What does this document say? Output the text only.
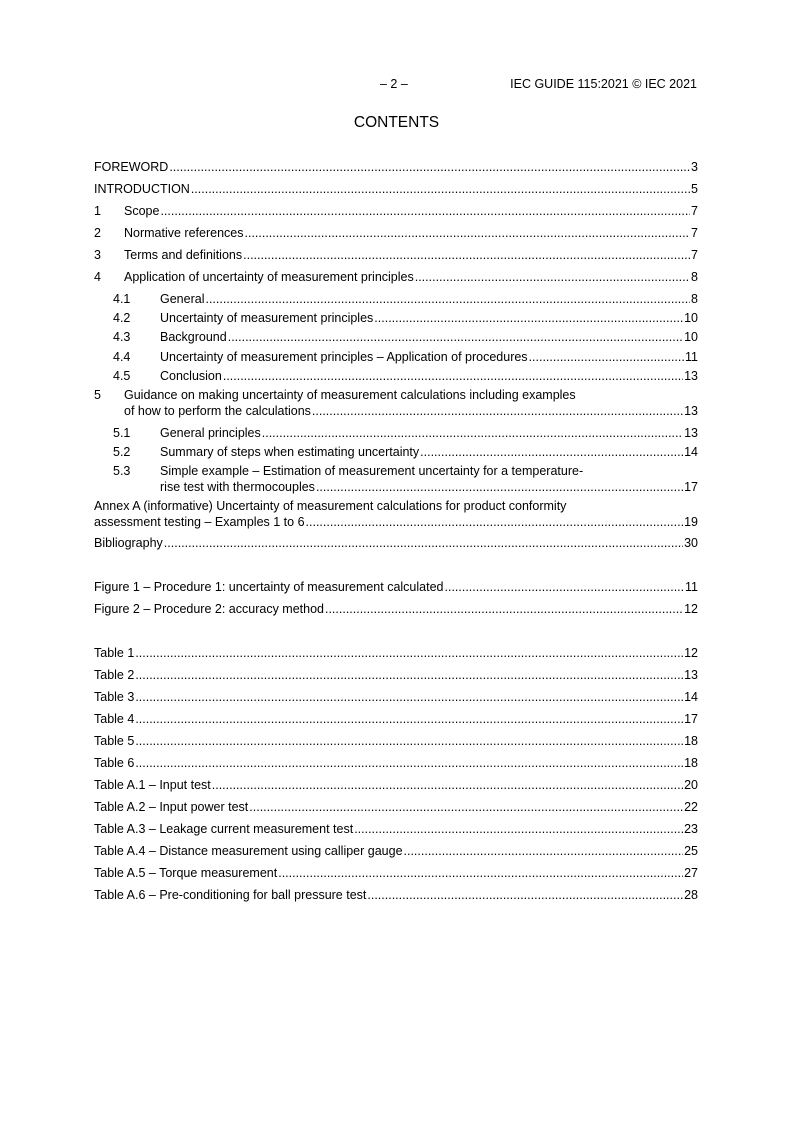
– 2 –	IEC GUIDE 115:2021 © IEC 2021
CONTENTS
FOREWORD .....	3
INTRODUCTION .....	5
1	Scope .....	7
2	Normative references .....	7
3	Terms and definitions .....	7
4	Application of uncertainty of measurement principles .....	8
4.1	General .....	8
4.2	Uncertainty of measurement principles .....	10
4.3	Background .....	10
4.4	Uncertainty of measurement principles – Application of procedures .....	11
4.5	Conclusion .....	13
5	Guidance on making uncertainty of measurement calculations including examples
of how to perform the calculations .....	13
5.1	General principles .....	13
5.2	Summary of steps when estimating uncertainty .....	14
5.3	Simple example – Estimation of measurement uncertainty for a temperature-
rise test with thermocouples .....	17
Annex A (informative) Uncertainty of measurement calculations for product conformity
assessment testing – Examples 1 to 6 .....	19
Bibliography .....	30
Figure 1 – Procedure 1: uncertainty of measurement calculated .....	11
Figure 2 – Procedure 2: accuracy method .....	12
Table 1 .....	12
Table 2 .....	13
Table 3 .....	14
Table 4 .....	17
Table 5 .....	18
Table 6 .....	18
Table A.1 – Input test .....	20
Table A.2 – Input power test .....	22
Table A.3 – Leakage current measurement test .....	23
Table A.4 – Distance measurement using calliper gauge .....	25
Table A.5 – Torque measurement .....	27
Table A.6 – Pre-conditioning for ball pressure test .....	28
